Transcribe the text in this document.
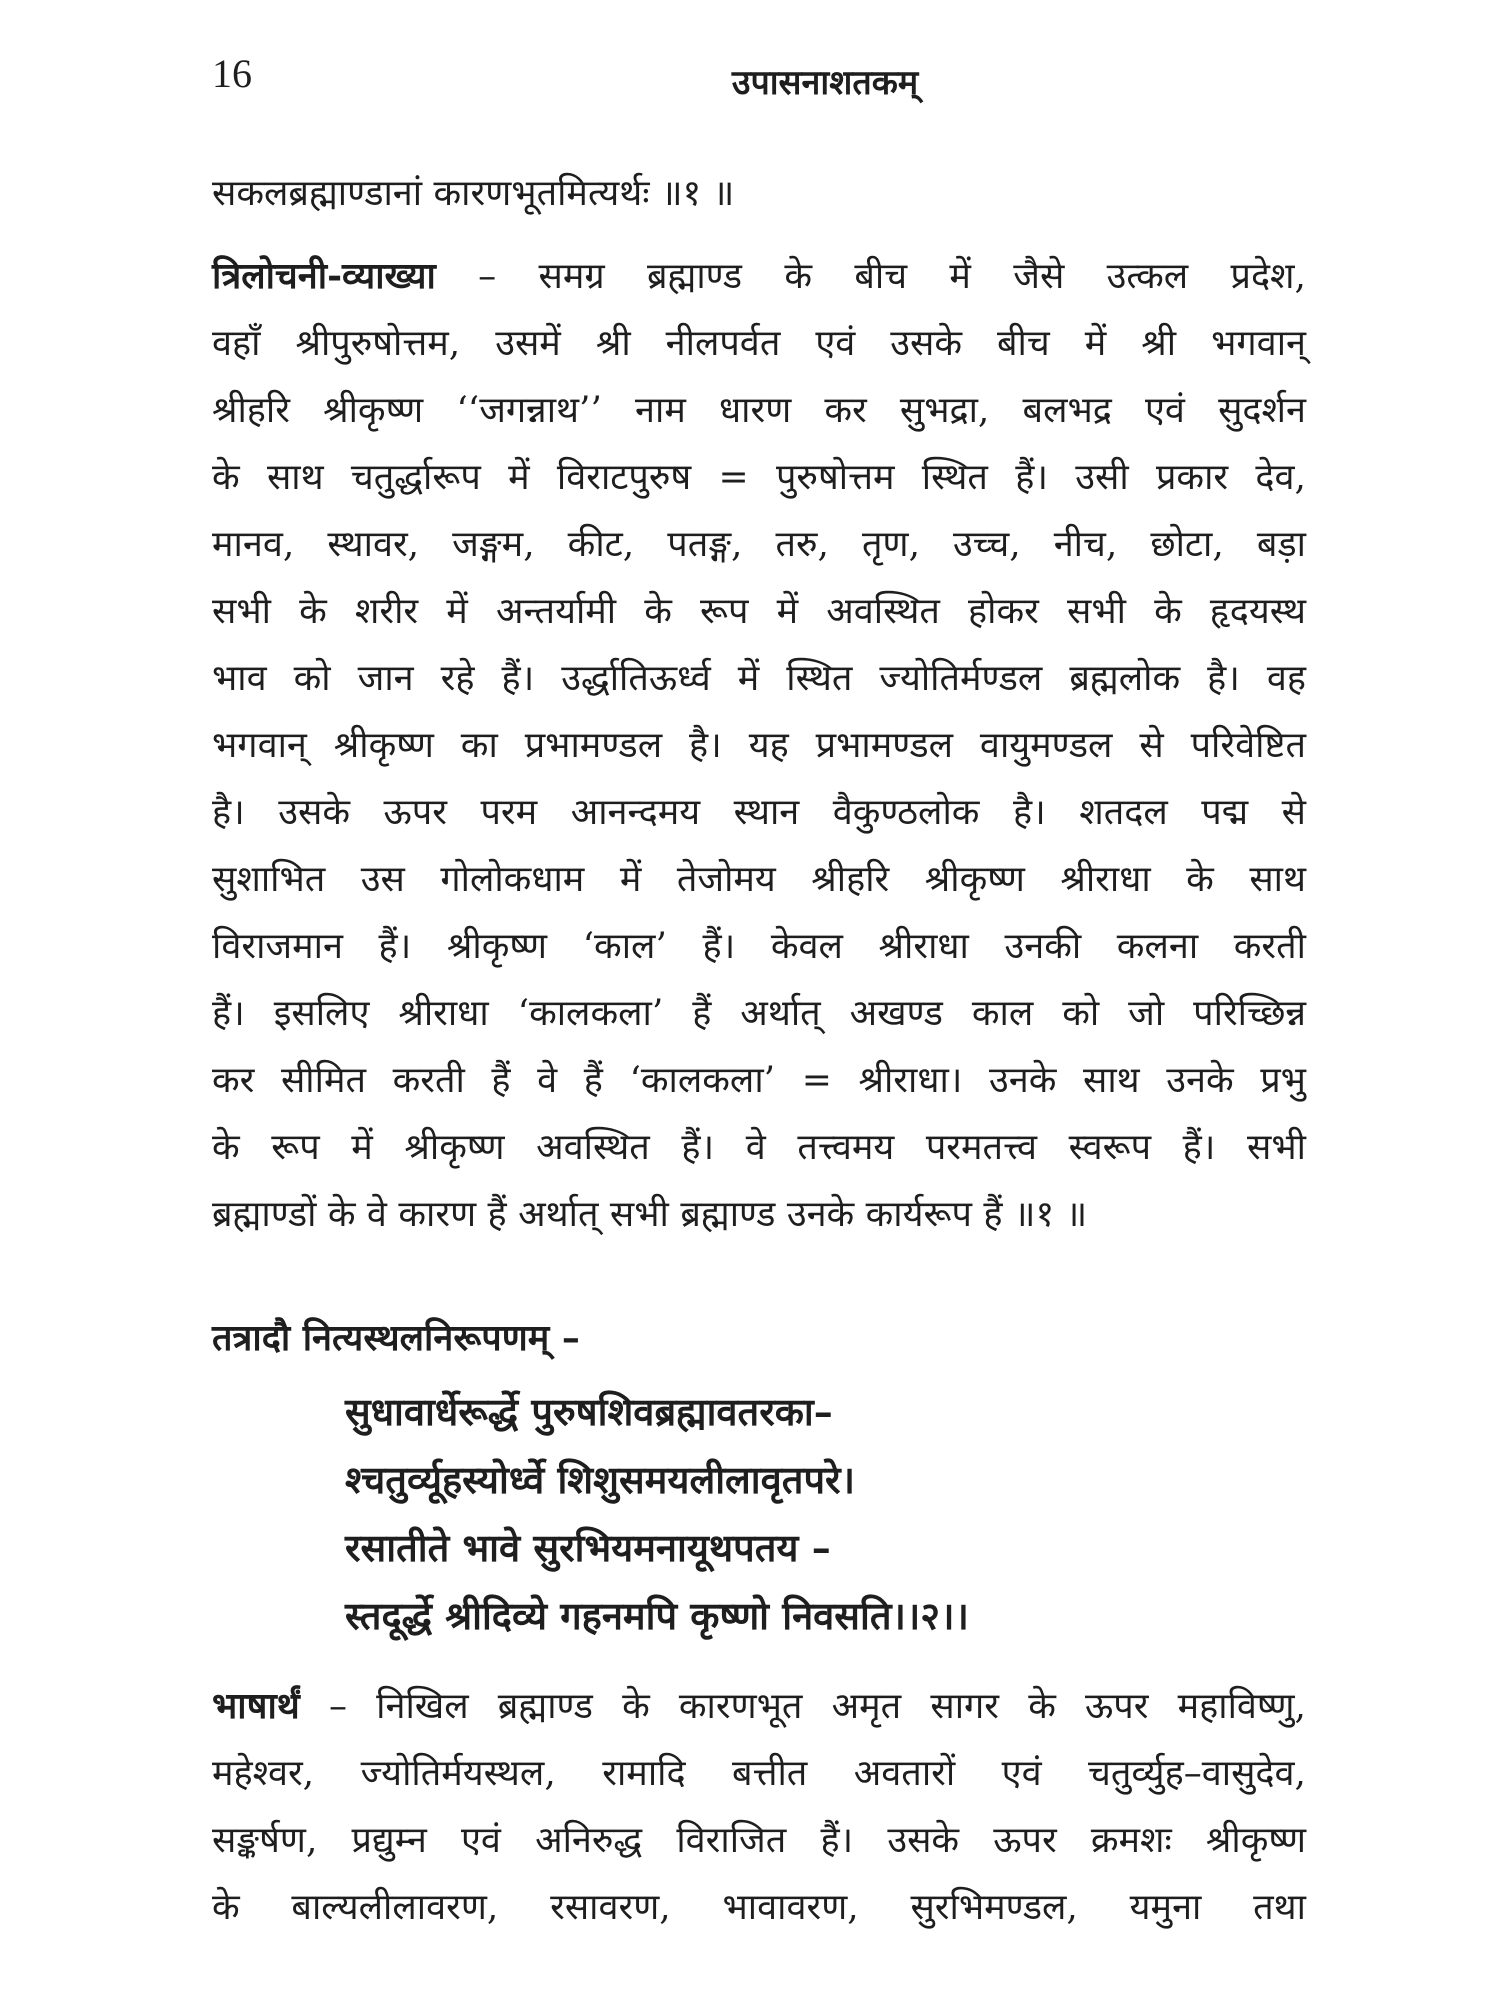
16	उपासनाशतकम्
सकलब्रह्माण्डानां कारणभूतमित्यर्थः ॥१ ॥
त्रिलोचनी-व्याख्या – समग्र ब्रह्माण्ड के बीच में जैसे उत्कल प्रदेश,
वहाँ श्रीपुरुषोत्तम, उसमें श्री नीलपर्वत एवं उसके बीच में श्री भगवान्
श्रीहरि श्रीकृष्ण ‘‘जगन्नाथ’’ नाम धारण कर सुभद्रा, बलभद्र एवं सुदर्शन
के साथ चतुर्द्धारूप में विराटपुरुष = पुरुषोत्तम स्थित हैं। उसी प्रकार देव,
मानव, स्थावर, जङ्गम, कीट, पतङ्ग, तरु, तृण, उच्च, नीच, छोटा, बड़ा
सभी के शरीर में अन्तर्यामी के रूप में अवस्थित होकर सभी के हृदयस्थ
भाव को जान रहे हैं। उर्द्धातिऊर्ध्व में स्थित ज्योतिर्मण्डल ब्रह्मलोक है। वह
भगवान् श्रीकृष्ण का प्रभामण्डल है। यह प्रभामण्डल वायुमण्डल से परिवेष्टित
है। उसके ऊपर परम आनन्दमय स्थान वैकुण्ठलोक है। शतदल पद्म से
सुशाभित उस गोलोकधाम में तेजोमय श्रीहरि श्रीकृष्ण श्रीराधा के साथ
विराजमान हैं। श्रीकृष्ण ‘काल’ हैं। केवल श्रीराधा उनकी कलना करती
हैं। इसलिए श्रीराधा ‘कालकला’ हैं अर्थात् अखण्ड काल को जो परिच्छिन्न
कर सीमित करती हैं वे हैं ‘कालकला’ = श्रीराधा। उनके साथ उनके प्रभु
के रूप में श्रीकृष्ण अवस्थित हैं। वे तत्त्वमय परमतत्त्व स्वरूप हैं। सभी
ब्रह्माण्डों के वे कारण हैं अर्थात् सभी ब्रह्माण्ड उनके कार्यरूप हैं ॥१ ॥
तत्रादौ नित्यस्थलनिरूपणम् –
सुधावार्धेरूर्द्धे पुरुषशिवब्रह्मावतरका–
श्चतुर्व्यूहस्योर्ध्वे शिशुसमयलीलावृतपरे।
रसातीते भावे सुरभियमनायूथपतय –
स्तदूर्द्धे श्रीदिव्ये गहनमपि कृष्णो निवसति।।२।।
भाषार्थं – निखिल ब्रह्माण्ड के कारणभूत अमृत सागर के ऊपर महाविष्णु,
महेश्वर, ज्योतिर्मयस्थल, रामादि बत्तीत अवतारों एवं चतुर्व्युह–वासुदेव,
सङ्कर्षण, प्रद्युम्न एवं अनिरुद्ध विराजित हैं। उसके ऊपर क्रमशः श्रीकृष्ण
के बाल्यलीलावरण, रसावरण, भावावरण, सुरभिमण्डल, यमुना तथा
